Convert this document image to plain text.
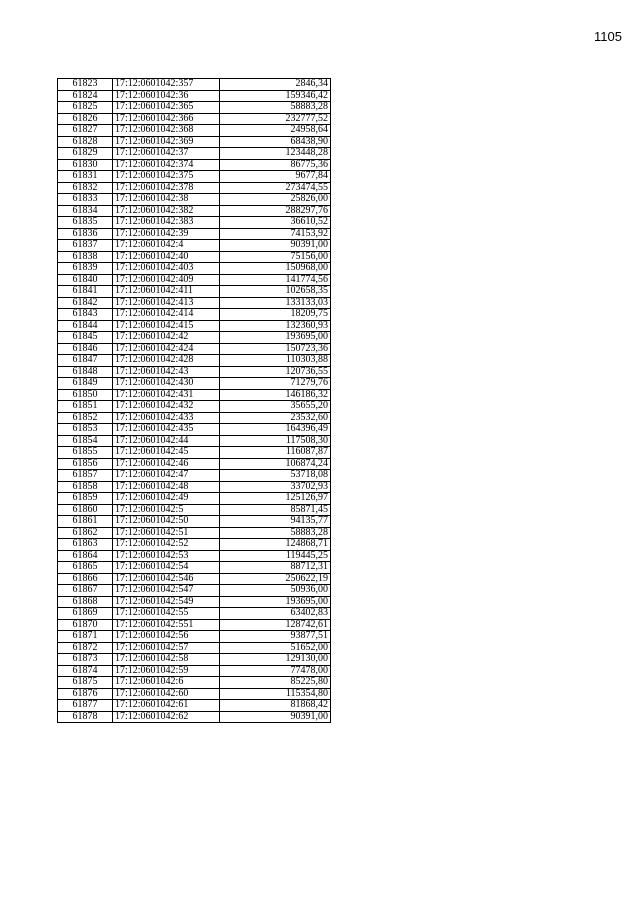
1105
61823	17:12:0601042:357	2846,34
61824	17:12:0601042:36	159346,42
61825	17:12:0601042:365	58883,28
61826	17:12:0601042:366	232777,52
61827	17:12:0601042:368	24958,64
61828	17:12:0601042:369	68438,90
61829	17:12:0601042:37	123448,28
61830	17:12:0601042:374	86775,36
61831	17:12:0601042:375	9677,84
61832	17:12:0601042:378	273474,55
61833	17:12:0601042:38	25826,00
61834	17:12:0601042:382	288297,76
61835	17:12:0601042:383	36610,52
61836	17:12:0601042:39	74153,92
61837	17:12:0601042:4	90391,00
61838	17:12:0601042:40	75156,00
61839	17:12:0601042:403	150968,00
61840	17:12:0601042:409	141774,56
61841	17:12:0601042:411	102658,35
61842	17:12:0601042:413	133133,03
61843	17:12:0601042:414	18209,75
61844	17:12:0601042:415	132360,93
61845	17:12:0601042:42	193695,00
61846	17:12:0601042:424	150723,36
61847	17:12:0601042:428	110303,88
61848	17:12:0601042:43	120736,55
61849	17:12:0601042:430	71279,76
61850	17:12:0601042:431	146186,32
61851	17:12:0601042:432	35655,20
61852	17:12:0601042:433	23532,60
61853	17:12:0601042:435	164396,49
61854	17:12:0601042:44	117508,30
61855	17:12:0601042:45	116087,87
61856	17:12:0601042:46	106874,24
61857	17:12:0601042:47	53718,08
61858	17:12:0601042:48	33702,93
61859	17:12:0601042:49	125126,97
61860	17:12:0601042:5	85871,45
61861	17:12:0601042:50	94135,77
61862	17:12:0601042:51	58883,28
61863	17:12:0601042:52	124868,71
61864	17:12:0601042:53	119445,25
61865	17:12:0601042:54	88712,31
61866	17:12:0601042:546	250622,19
61867	17:12:0601042:547	50936,00
61868	17:12:0601042:549	193695,00
61869	17:12:0601042:55	63402,83
61870	17:12:0601042:551	128742,61
61871	17:12:0601042:56	93877,51
61872	17:12:0601042:57	51652,00
61873	17:12:0601042:58	129130,00
61874	17:12:0601042:59	77478,00
61875	17:12:0601042:6	85225,80
61876	17:12:0601042:60	115354,80
61877	17:12:0601042:61	81868,42
61878	17:12:0601042:62	90391,00
